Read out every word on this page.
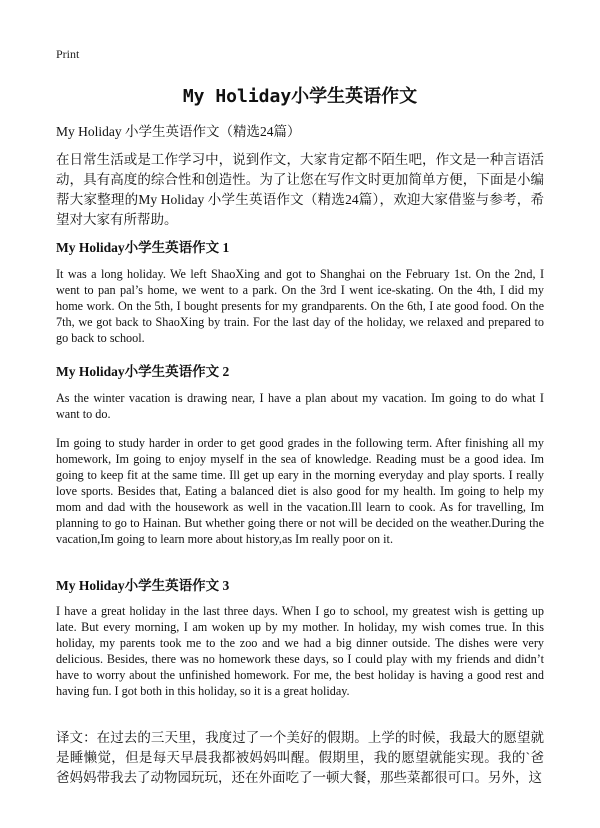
Print
My Holiday小学生英语作文
My Holiday 小学生英语作文（精选24篇）
在日常生活或是工作学习中，说到作文，大家肯定都不陌生吧，作文是一种言语活动，具有高度的综合性和创造性。为了让您在写作文时更加简单方便，下面是小编帮大家整理的My Holiday 小学生英语作文（精选24篇），欢迎大家借鉴与参考，希望对大家有所帮助。
My Holiday小学生英语作文 1
It was a long holiday. We left ShaoXing and got to Shanghai on the February 1st. On the 2nd, I went to pan pal’s home, we went to a park. On the 3rd I went ice-skating. On the 4th, I did my home work. On the 5th, I bought presents for my grandparents. On the 6th, I ate good food. On the 7th, we got back to ShaoXing by train. For the last day of the holiday, we relaxed and prepared to go back to school.
My Holiday小学生英语作文 2
As the winter vacation is drawing near, I have a plan about my vacation. Im going to do what I want to do.
Im going to study harder in order to get good grades in the following term. After finishing all my homework, Im going to enjoy myself in the sea of knowledge. Reading must be a good idea. Im going to keep fit at the same time. Ill get up eary in the morning everyday and play sports. I really love sports. Besides that, Eating a balanced diet is also good for my health. Im going to help my mom and dad with the housework as well in the vacation.Ill learn to cook. As for travelling, Im planning to go to Hainan. But whether going there or not will be decided on the weather.During the vacation,Im going to learn more about history,as Im really poor on it.
My Holiday小学生英语作文 3
I have a great holiday in the last three days. When I go to school, my greatest wish is getting up late. But every morning, I am woken up by my mother. In holiday, my wish comes true. In this holiday, my parents took me to the zoo and we had a big dinner outside. The dishes were very delicious. Besides, there was no homework these days, so I could play with my friends and didn’t have to worry about the unfinished homework. For me, the best holiday is having a good rest and having fun. I got both in this holiday, so it is a great holiday.
译文：在过去的三天里，我度过了一个美好的假期。上学的时候，我最大的愿望就是睡懒觉，但是每天早晨我都被妈妈叫醒。假期里，我的愿望就能实现。我的`爸爸妈妈带我去了动物园玩玩，还在外面吃了一顿大餐，那些菜都很可口。另外，这
